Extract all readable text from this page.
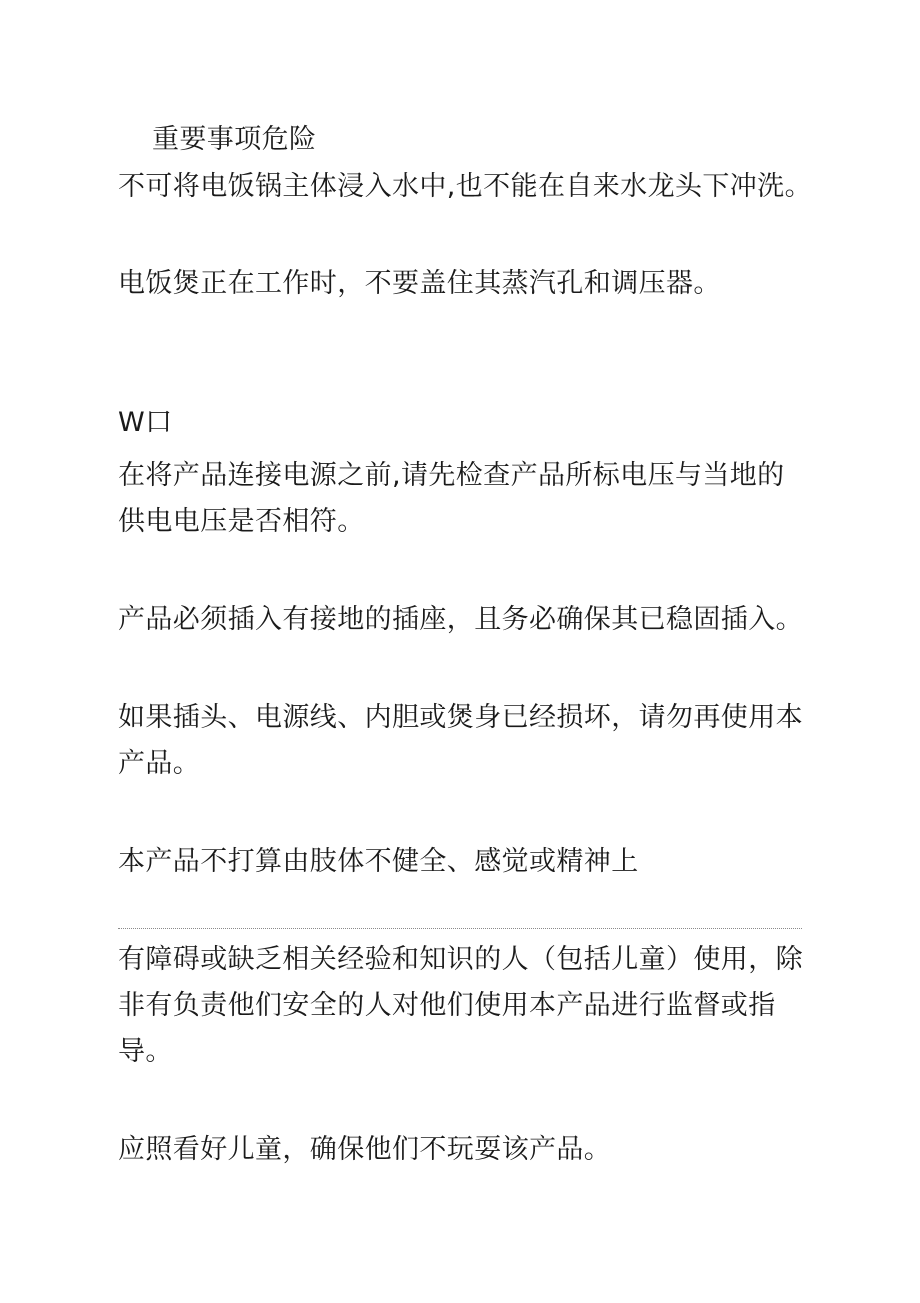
重要事项危险
不可将电饭锅主体浸入水中,也不能在自来水龙头下冲洗。
电饭煲正在工作时，不要盖住其蒸汽孔和调压器。
W口
在将产品连接电源之前,请先检查产品所标电压与当地的
供电电压是否相符。
产品必须插入有接地的插座，且务必确保其已稳固插入。
如果插头、电源线、内胆或煲身已经损坏，请勿再使用本
产品。
本产品不打算由肢体不健全、感觉或精神上
有障碍或缺乏相关经验和知识的人（包括儿童）使用，除
非有负责他们安全的人对他们使用本产品进行监督或指
导。
应照看好儿童，确保他们不玩耍该产品。
